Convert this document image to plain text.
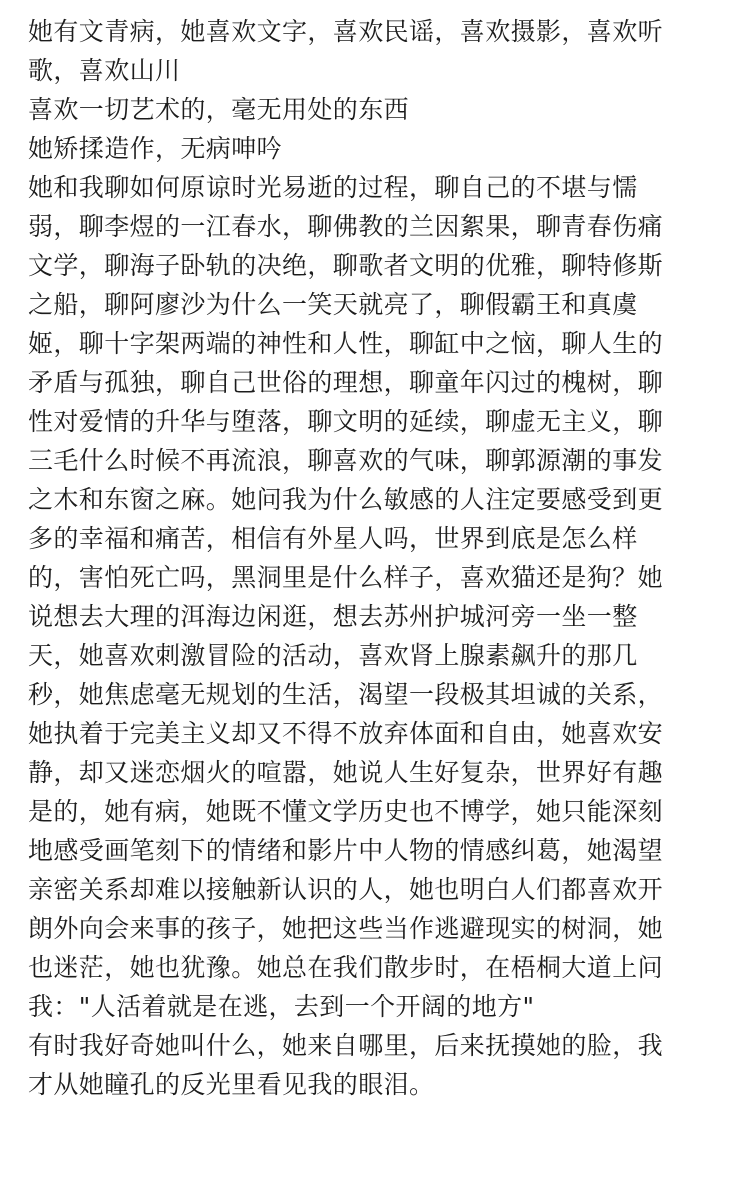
她有文青病，她喜欢文字，喜欢民谣，喜欢摄影，喜欢听
歌，喜欢山川
喜欢一切艺术的，毫无用处的东西
她矫揉造作，无病呻吟
她和我聊如何原谅时光易逝的过程，聊自己的不堪与懦
弱，聊李煜的一江春水，聊佛教的兰因絮果，聊青春伤痛
文学，聊海子卧轨的决绝，聊歌者文明的优雅，聊特修斯
之船，聊阿廖沙为什么一笑天就亮了，聊假霸王和真虞
姬，聊十字架两端的神性和人性，聊缸中之恼，聊人生的
矛盾与孤独，聊自己世俗的理想，聊童年闪过的槐树，聊
性对爱情的升华与堕落，聊文明的延续，聊虚无主义，聊
三毛什么时候不再流浪，聊喜欢的气味，聊郭源潮的事发
之木和东窗之麻。她问我为什么敏感的人注定要感受到更
多的幸福和痛苦，相信有外星人吗，世界到底是怎么样
的，害怕死亡吗，黑洞里是什么样子，喜欢猫还是狗？她
说想去大理的洱海边闲逛，想去苏州护城河旁一坐一整
天，她喜欢刺激冒险的活动，喜欢肾上腺素飙升的那几
秒，她焦虑毫无规划的生活，渴望一段极其坦诚的关系，
她执着于完美主义却又不得不放弃体面和自由，她喜欢安
静，却又迷恋烟火的喧嚣，她说人生好复杂，世界好有趣
是的，她有病，她既不懂文学历史也不博学，她只能深刻
地感受画笔刻下的情绪和影片中人物的情感纠葛，她渴望
亲密关系却难以接触新认识的人，她也明白人们都喜欢开
朗外向会来事的孩子，她把这些当作逃避现实的树洞，她
也迷茫，她也犹豫。她总在我们散步时，在梧桐大道上问
我："人活着就是在逃，去到一个开阔的地方"
有时我好奇她叫什么，她来自哪里，后来抚摸她的脸，我
才从她瞳孔的反光里看见我的眼泪。
